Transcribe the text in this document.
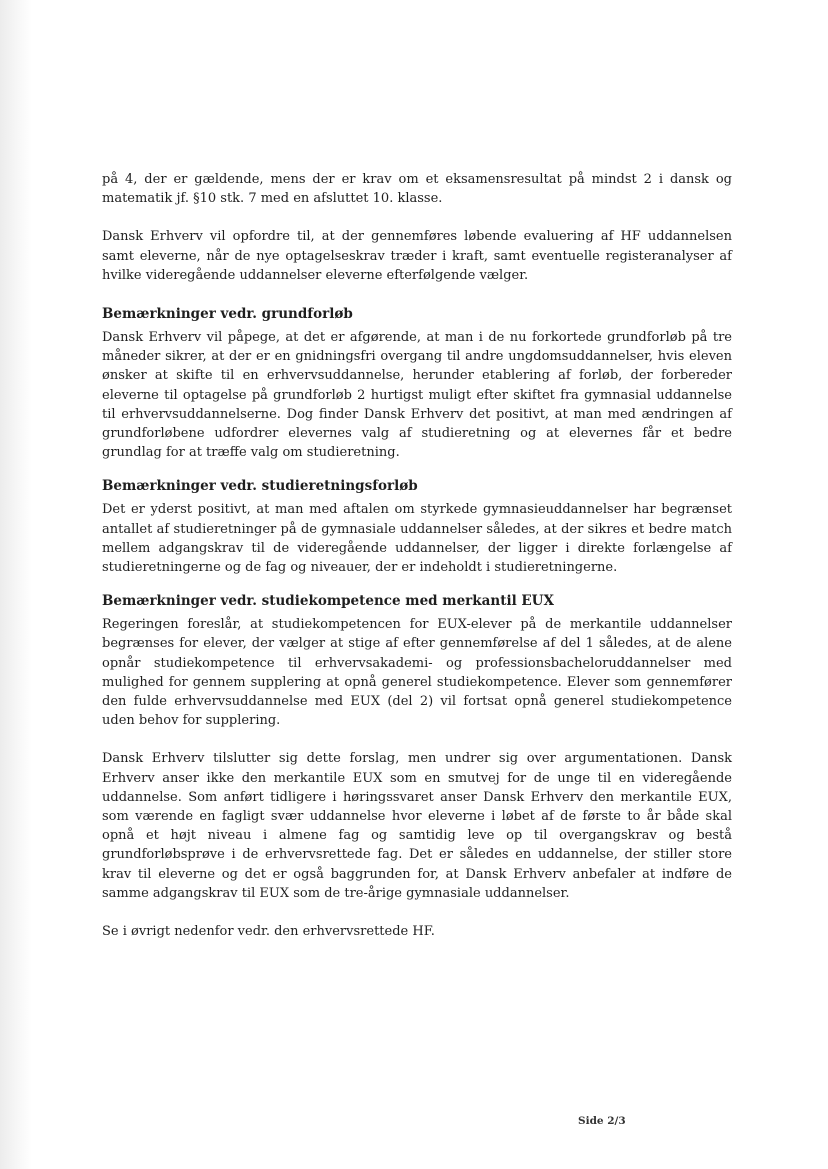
på 4, der er gældende, mens der er krav om et eksamensresultat på mindst 2 i dansk og matematik jf. §10 stk. 7 med en afsluttet 10. klasse.

Dansk Erhverv vil opfordre til, at der gennemføres løbende evaluering af HF uddannelsen samt eleverne, når de nye optagelseskrav træder i kraft, samt eventuelle registeranalyser af hvilke videregående uddannelser eleverne efterfølgende vælger.

Bemærkninger vedr. grundforløb

Dansk Erhverv vil påpege, at det er afgørende, at man i de nu forkortede grundforløb på tre måneder sikrer, at der er en gnidningsfri overgang til andre ungdomsuddannelser, hvis eleven ønsker at skifte til en erhvervsuddannelse, herunder etablering af forløb, der forbereder eleverne til optagelse på grundforløb 2 hurtigst muligt efter skiftet fra gymnasial uddannelse til erhvervsuddannelserne. Dog finder Dansk Erhverv det positivt, at man med ændringen af grundforløbene udfordrer elevernes valg af studieretning og at elevernes får et bedre grundlag for at træffe valg om studieretning.

Bemærkninger vedr. studieretningsforløb

Det er yderst positivt, at man med aftalen om styrkede gymnasieuddannelser har begrænset antallet af studieretninger på de gymnasiale uddannelser således, at der sikres et bedre match mellem adgangskrav til de videregående uddannelser, der ligger i direkte forlængelse af studieretningerne og de fag og niveauer, der er indeholdt i studieretningerne.

Bemærkninger vedr. studiekompetence med merkantil EUX

Regeringen foreslår, at studiekompetencen for EUX-elever på de merkantile uddannelser begrænses for elever, der vælger at stige af efter gennemførelse af del 1 således, at de alene opnår studiekompetence til erhvervsakademi- og professionsbacheloruddannelser med mulighed for gennem supplering at opnå generel studiekompetence. Elever som gennemfører den fulde erhvervsuddannelse med EUX (del 2) vil fortsat opnå generel studiekompetence uden behov for supplering.

Dansk Erhverv tilslutter sig dette forslag, men undrer sig over argumentationen. Dansk Erhverv anser ikke den merkantile EUX som en smutvej for de unge til en videregående uddannelse. Som anført tidligere i høringssvaret anser Dansk Erhverv den merkantile EUX, som værende en fagligt svær uddannelse hvor eleverne i løbet af de første to år både skal opnå et højt niveau i almene fag og samtidig leve op til overgangskrav og bestå grundforløbsprøve i de erhvervsrettede fag. Det er således en uddannelse, der stiller store krav til eleverne og det er også baggrunden for, at Dansk Erhverv anbefaler at indføre de samme adgangskrav til EUX som de tre-årige gymnasiale uddannelser.

Se i øvrigt nedenfor vedr. den erhvervsrettede HF.

Side 2/3
